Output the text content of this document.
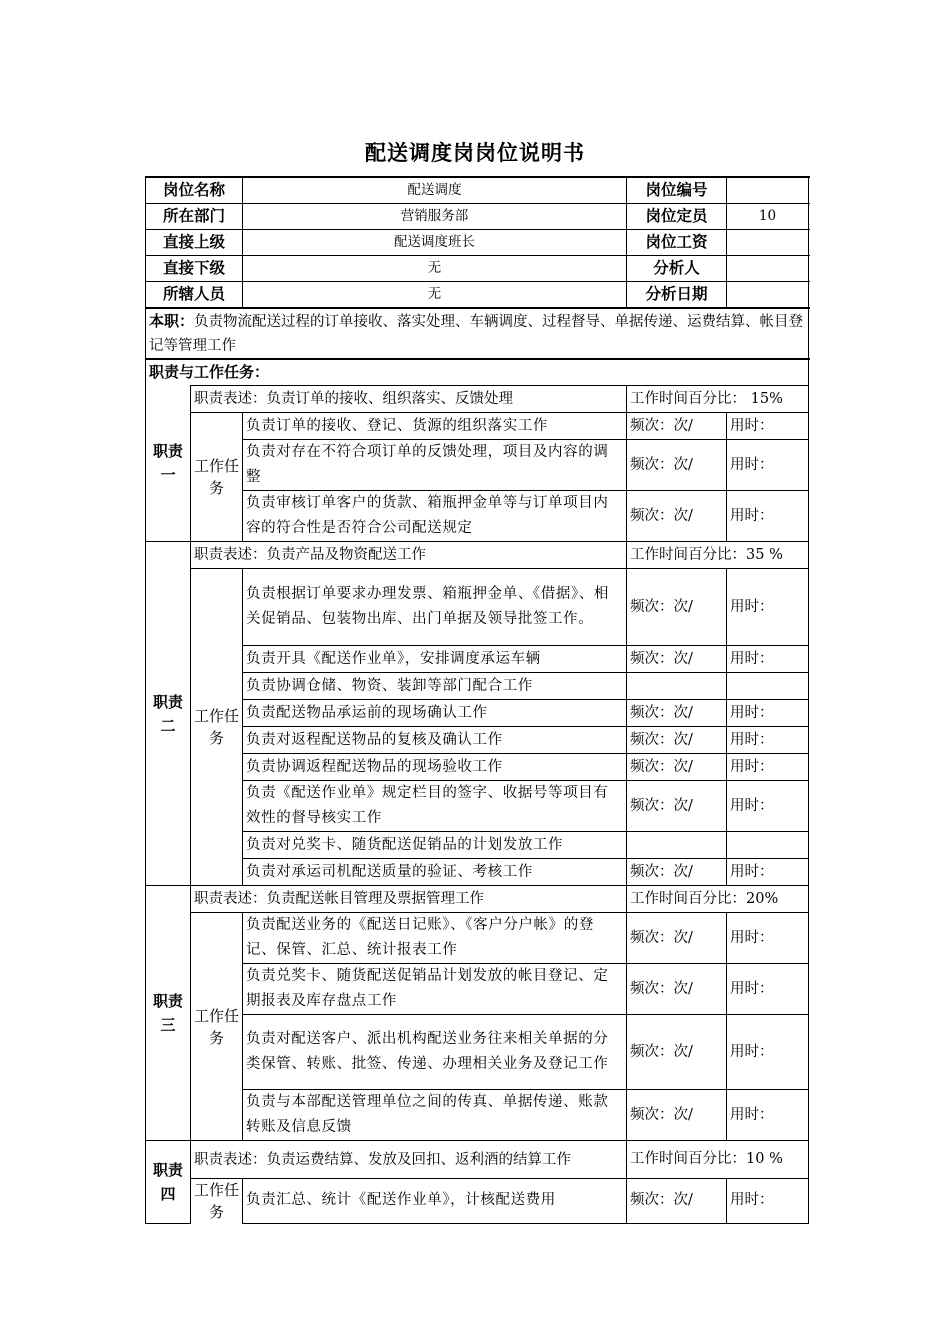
配送调度岗岗位说明书
岗位名称		配送调度	岗位编号	
所在部门		营销服务部	岗位定员	10
直接上级		配送调度班长	岗位工资	
直接下级		无	分析人	
所辖人员		无	分析日期	
本职：负责物流配送过程的订单接收、落实处理、车辆调度、过程督导、单据传递、运费结算、帐目登记等管理工作				
职责与工作任务：				
职责一	职责表述：负责订单的接收、组织落实、反馈处理		工作时间百分比： 15%	
	工作任务	负责订单的接收、登记、货源的组织落实工作	频次：次/	用时：
		负责对存在不符合项订单的反馈处理，项目及内容的调整	频次：次/	用时：
		负责审核订单客户的货款、箱瓶押金单等与订单项目内容的符合性是否符合公司配送规定	频次：次/	用时：
职责二	职责表述：负责产品及物资配送工作		工作时间百分比：35 %	
	工作任务	负责根据订单要求办理发票、箱瓶押金单、《借据》、相关促销品、包装物出库、出门单据及领导批签工作。	频次：次/	用时：
		负责开具《配送作业单》，安排调度承运车辆	频次：次/	用时：
		负责协调仓储、物资、装卸等部门配合工作		
		负责配送物品承运前的现场确认工作	频次：次/	用时：
		负责对返程配送物品的复核及确认工作	频次：次/	用时：
		负责协调返程配送物品的现场验收工作	频次：次/	用时：
		负责《配送作业单》规定栏目的签字、收据号等项目有效性的督导核实工作	频次：次/	用时：
		负责对兑奖卡、随货配送促销品的计划发放工作		
		负责对承运司机配送质量的验证、考核工作	频次：次/	用时：
职责三	职责表述：负责配送帐目管理及票据管理工作		工作时间百分比：20%	
	工作任务	负责配送业务的《配送日记账》、《客户分户帐》的登记、保管、汇总、统计报表工作	频次：次/	用时：
		负责兑奖卡、随货配送促销品计划发放的帐目登记、定期报表及库存盘点工作	频次：次/	用时：
		负责对配送客户、派出机构配送业务往来相关单据的分类保管、转账、批签、传递、办理相关业务及登记工作	频次：次/	用时：
		负责与本部配送管理单位之间的传真、单据传递、账款转账及信息反馈	频次：次/	用时：
职责四	职责表述：负责运费结算、发放及回扣、返利酒的结算工作		工作时间百分比：10 %	
	工作任务	负责汇总、统计《配送作业单》，计核配送费用	频次：次/	用时：
